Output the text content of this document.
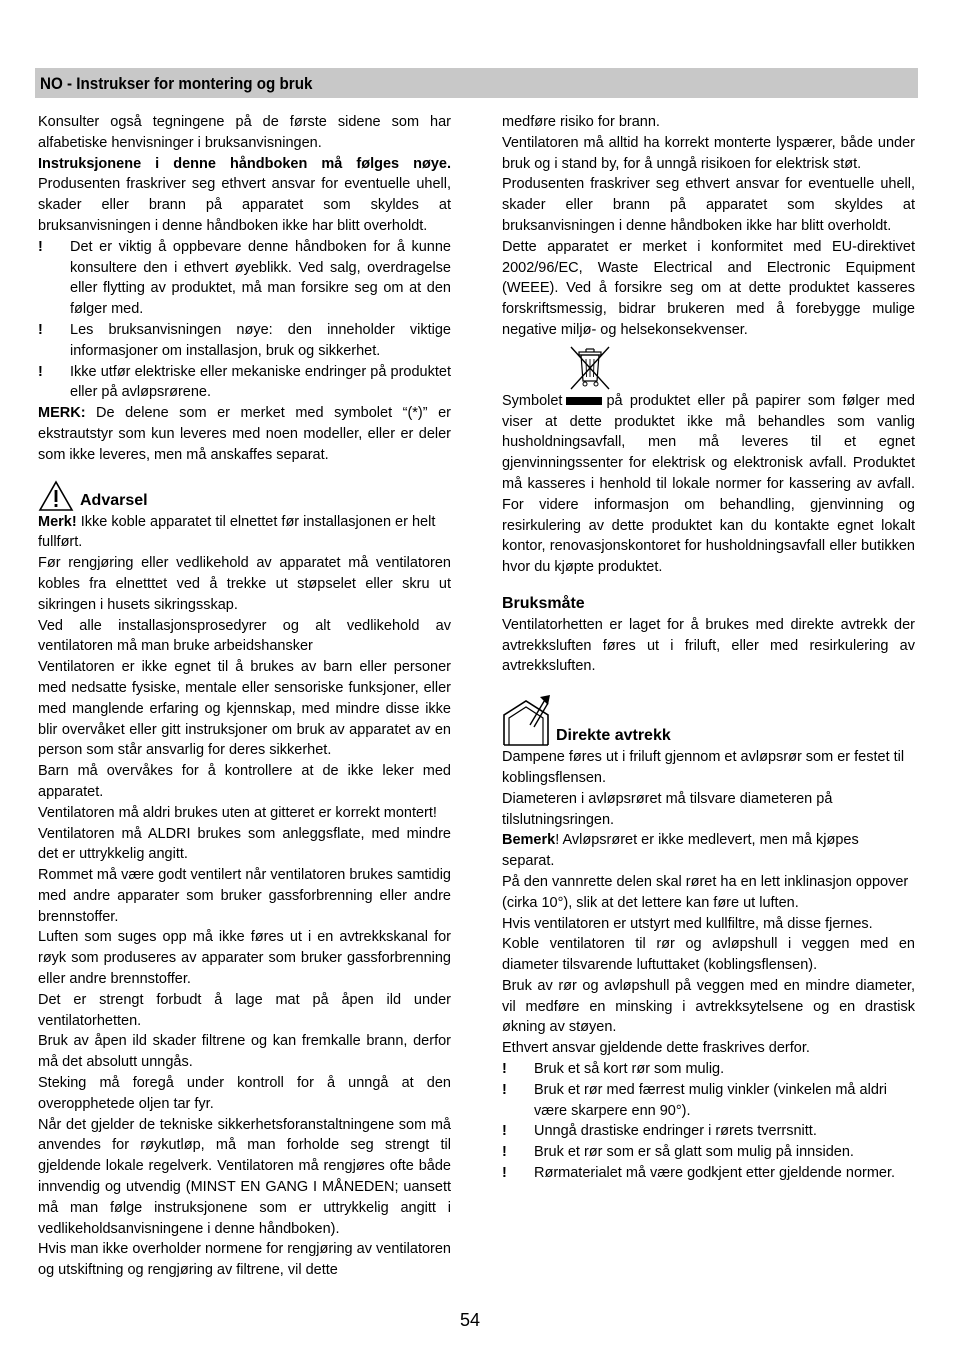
NO - Instrukser for montering og bruk

Konsulter også tegningene på de første sidene som har alfabetiske henvisninger i bruksanvisningen.

Instruksjonene i denne håndboken må følges nøye. Produsenten fraskriver seg ethvert ansvar for eventuelle uhell, skader eller brann på apparatet som skyldes at bruksanvisningen i denne håndboken ikke har blitt overholdt.

! Det er viktig å oppbevare denne håndboken for å kunne konsultere den i ethvert øyeblikk. Ved salg, overdragelse eller flytting av produktet, må man forsikre seg om at den følger med.
! Les bruksanvisningen nøye: den inneholder viktige informasjoner om installasjon, bruk og sikkerhet.
! Ikke utfør elektriske eller mekaniske endringer på produktet eller på avløpsrørene.

MERK: De delene som er merket med symbolet “(*)” er ekstrautstyr som kun leveres med noen modeller, eller er deler som ikke leveres, men må anskaffes separat.

Advarsel

Merk! Ikke koble apparatet til elnettet før installasjonen er helt fullført.

Før rengjøring eller vedlikehold av apparatet må ventilatoren kobles fra elnetttet ved å trekke ut støpselet eller skru ut sikringen i husets sikringsskap.

Ved alle installasjonsprosedyrer og alt vedlikehold av ventilatoren må man bruke arbeidshansker

Ventilatoren er ikke egnet til å brukes av barn eller personer med nedsatte fysiske, mentale eller sensoriske funksjoner, eller med manglende erfaring og kjennskap, med mindre disse ikke blir overvåket eller gitt instruksjoner om bruk av apparatet av en person som står ansvarlig for deres sikkerhet.

Barn må overvåkes for å kontrollere at de ikke leker med apparatet.

Ventilatoren må aldri brukes uten at gitteret er korrekt montert!

Ventilatoren må ALDRI brukes som anleggsflate, med mindre det er uttrykkelig angitt.

Rommet må være godt ventilert når ventilatoren brukes samtidig med andre apparater som bruker gassforbrenning eller andre brennstoffer.

Luften som suges opp må ikke føres ut i en avtrekkskanal for røyk som produseres av apparater som bruker gassforbrenning eller andre brennstoffer.

Det er strengt forbudt å lage mat på åpen ild under ventilatorhetten.

Bruk av åpen ild skader filtrene og kan fremkalle brann, derfor må det absolutt unngås.

Steking må foregå under kontroll for å unngå at den overopphetede oljen tar fyr.

Når det gjelder de tekniske sikkerhetsforanstaltningene som må anvendes for røykutløp, må man forholde seg strengt til gjeldende lokale regelverk. Ventilatoren må rengjøres ofte både innvendig og utvendig (MINST EN GANG I MÅNEDEN; uansett må man følge instruksjonene som er uttrykkelig angitt i vedlikeholdsanvisningene i denne håndboken).

Hvis man ikke overholder normene for rengjøring av ventilatoren og utskiftning og rengjøring av filtrene, vil dette

medføre risiko for brann.

Ventilatoren må alltid ha korrekt monterte lyspærer, både under bruk og i stand by, for å unngå risikoen for elektrisk støt.

Produsenten fraskriver seg ethvert ansvar for eventuelle uhell, skader eller brann på apparatet som skyldes at bruksanvisningen i denne håndboken ikke har blitt overholdt.

Dette apparatet er merket i konformitet med EU-direktivet 2002/96/EC, Waste Electrical and Electronic Equipment (WEEE). Ved å forsikre seg om at dette produktet kasseres forskriftsmessig, bidrar brukeren med å forebygge mulige negative miljø- og helsekonsekvenser.

Symbolet	på produktet eller på papirer som følger med viser at dette produktet ikke må behandles som vanlig husholdningsavfall, men må leveres til et egnet gjenvinningssenter for elektrisk og elektronisk avfall. Produktet må kasseres i henhold til lokale normer for kassering av avfall. For videre informasjon om behandling, gjenvinning og resirkulering av dette produktet kan du kontakte egnet lokalt kontor, renovasjonskontoret for husholdningsavfall eller butikken hvor du kjøpte produktet.

Bruksmåte

Ventilatorhetten er laget for å brukes med direkte avtrekk der avtrekksluften føres ut i friluft, eller med resirkulering av avtrekksluften.

Direkte avtrekk

Dampene føres ut i friluft gjennom et avløpsrør som er festet til koblingsflensen.

Diameteren i avløpsrøret må tilsvare diameteren på tilslutningsringen.

Bemerk! Avløpsrøret er ikke medlevert, men må kjøpes separat.

På den vannrette delen skal røret ha en lett inklinasjon oppover (cirka 10°), slik at det lettere kan føre ut luften.

Hvis ventilatoren er utstyrt med kullfiltre, må disse fjernes.

Koble ventilatoren til rør og avløpshull i veggen med en diameter tilsvarende luftuttaket (koblingsflensen).

Bruk av rør og avløpshull på veggen med en mindre diameter, vil medføre en minsking i avtrekksytelsene og en drastisk økning av støyen.

Ethvert ansvar gjeldende dette fraskrives derfor.

! Bruk et så kort rør som mulig.
! Bruk et rør med færrest mulig vinkler (vinkelen må aldri være skarpere enn 90°).
! Unngå drastiske endringer i rørets tverrsnitt.
! Bruk et rør som er så glatt som mulig på innsiden.
! Rørmaterialet må være godkjent etter gjeldende normer.
54
